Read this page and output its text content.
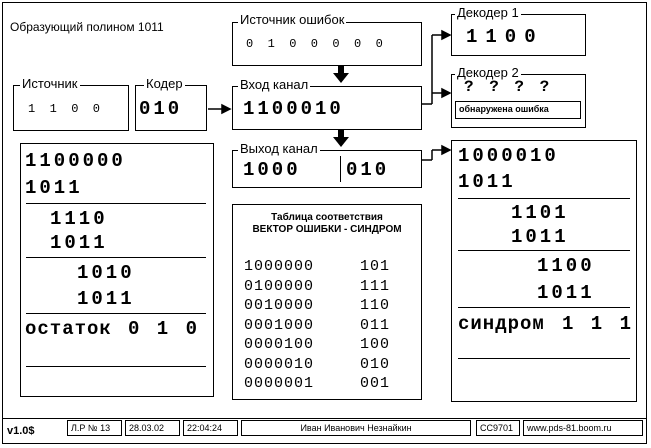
Образующий полином 1011	Источник ошибок
0  1  0  0  0  0  0
Источник
1  1  0  0
Кодер
010
Вход канал
1100010
Выход канал
1000 010
Декодер 1
1100
Декодер 2
? ? ? ?
обнаружена ошибка
1100000
1011
1110
1011
1010
1011
остаток 0 1 0
Таблица соответствия
ВЕКТОР ОШИБКИ - СИНДРОМ
1000000	101
0100000	111
0010000	110
0001000	011
0000100	100
0000010	010
0000001	001
1000010
1011
1101
1011
1100
1011
синдром 1 1 1
v1.0$	Л.Р № 13	28.03.02	22:04:24	Иван Иванович Незнайкин	СС9701	www.pds-81.boom.ru
